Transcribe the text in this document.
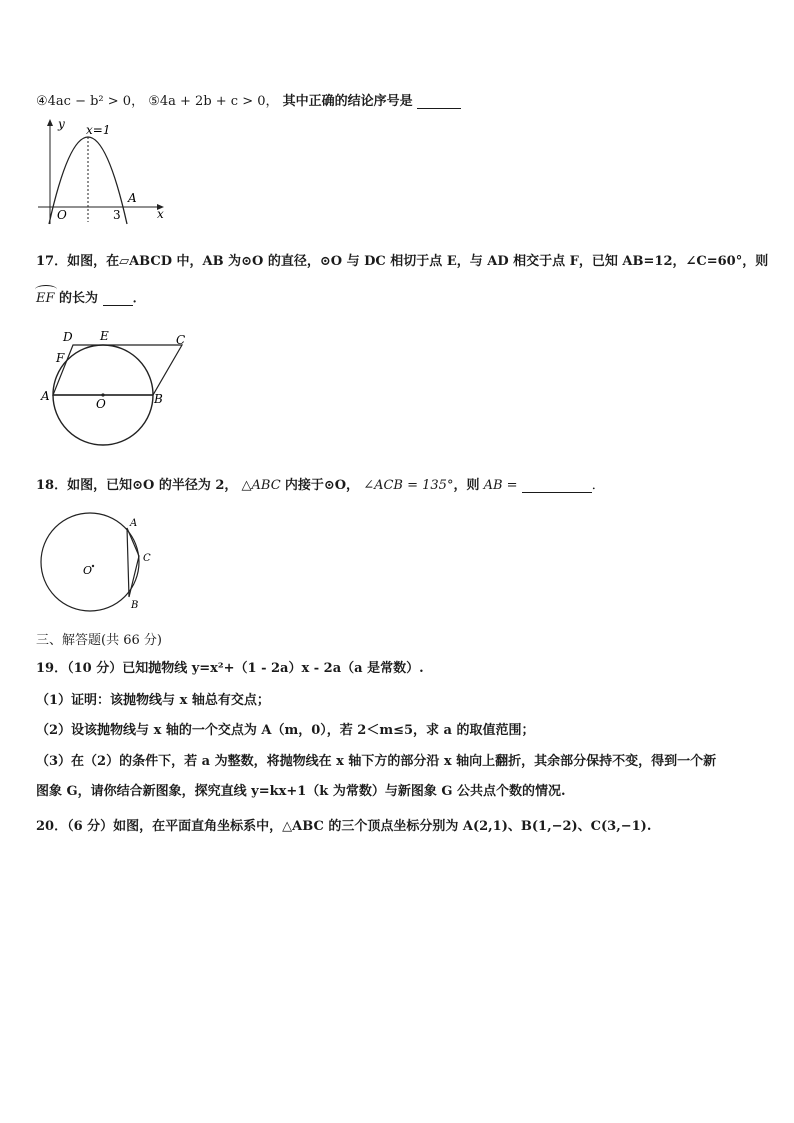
④4ac − b² > 0， ⑤4a + 2b + c > 0， 其中正确的结论序号是
y x=1
O	3
A
x
17．如图，在▱ABCD 中，AB 为⊙O 的直径，⊙O 与 DC 相切于点 E，与 AD 相交于点 F，已知 AB=12，∠C=60°，则
EF 的长为	．
D E	C
F
A
O	B
18．如图，已知⊙O 的半径为 2， △ABC 内接于⊙O， ∠ACB = 135°，则 AB =	．
A
C
B
O
三、解答题(共 66 分)
19．（10 分）已知抛物线 y=x²+（1 - 2a）x - 2a（a 是常数）.
（1）证明：该抛物线与 x 轴总有交点；
（2）设该抛物线与 x 轴的一个交点为 A（m，0），若 2＜m≤5，求 a 的取值范围；
（3）在（2）的条件下，若 a 为整数，将抛物线在 x 轴下方的部分沿 x 轴向上翻折，其余部分保持不变，得到一个新
图象 G，请你结合新图象，探究直线 y=kx+1（k 为常数）与新图象 G 公共点个数的情况.
20．（6 分）如图，在平面直角坐标系中，△ABC 的三个顶点坐标分别为 A(2,1)、B(1,−2)、C(3,−1).
